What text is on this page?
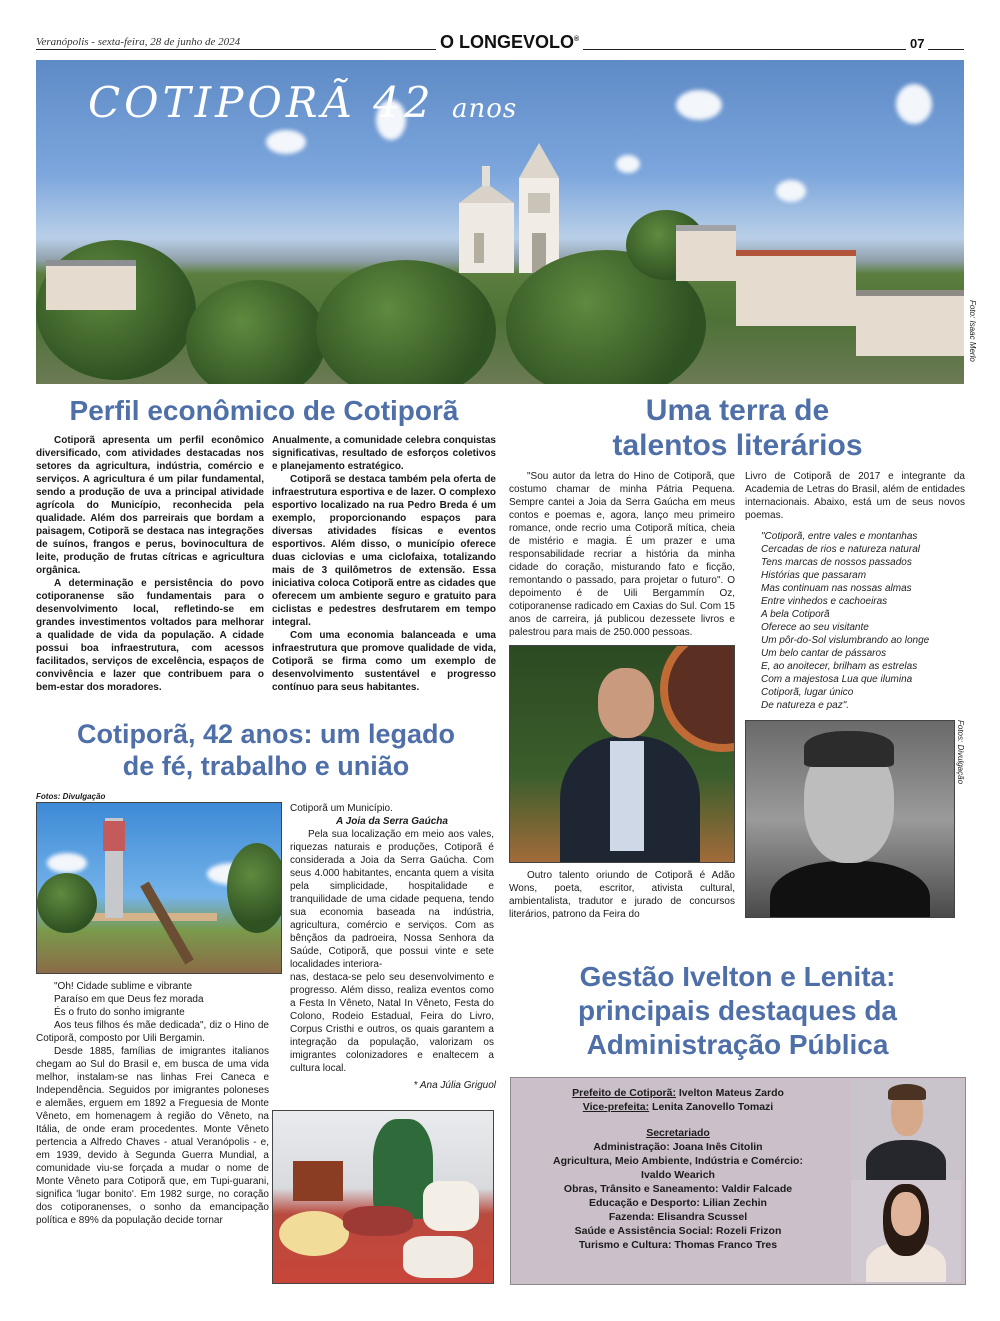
Veranópolis - sexta-feira, 28 de junho de 2024	O LONGEVOLO®	07
COTIPORÃ 42 anos
Foto: Isaac Merlo
Perfil econômico de Cotiporã

Cotiporã apresenta um perfil econômico diversificado, com atividades destacadas nos setores da agricultura, indústria, comércio e serviços. A agricultura é um pilar fundamental, sendo a produção de uva a principal atividade agrícola do Município, reconhecida pela qualidade. Além dos parreirais que bordam a paisagem, Cotiporã se destaca nas integrações de suínos, frangos e perus, bovinocultura de leite, produção de frutas cítricas e agricultura orgânica.

A determinação e persistência do povo cotiporanense são fundamentais para o desenvolvimento local, refletindo-se em grandes investimentos voltados para melhorar a qualidade de vida da população. A cidade possui boa infraestrutura, com acessos facilitados, serviços de excelência, espaços de convivência e lazer que contribuem para o bem-estar dos moradores.

Anualmente, a comunidade celebra conquistas significativas, resultado de esforços coletivos e planejamento estratégico.

Cotiporã se destaca também pela oferta de infraestrutura esportiva e de lazer. O complexo esportivo localizado na rua Pedro Breda é um exemplo, proporcionando espaços para diversas atividades físicas e eventos esportivos. Além disso, o município oferece duas ciclovias e uma ciclofaixa, totalizando mais de 3 quilômetros de extensão. Essa iniciativa coloca Cotiporã entre as cidades que oferecem um ambiente seguro e gratuito para ciclistas e pedestres desfrutarem em tempo integral.

Com uma economia balanceada e uma infraestrutura que promove qualidade de vida, Cotiporã se firma como um exemplo de desenvolvimento sustentável e progresso contínuo para seus habitantes.

Cotiporã, 42 anos: um legado
de fé, trabalho e união
Fotos: Divulgação

"Oh! Cidade sublime e vibrante

Paraíso em que Deus fez morada

És o fruto do sonho imigrante

Aos teus filhos és mãe dedicada", diz o Hino de Cotiporã, composto por Uili Bergamin.

Desde 1885, famílias de imigrantes italianos chegam ao Sul do Brasil e, em busca de uma vida melhor, instalam-se nas linhas Frei Caneca e Independência. Seguidos por imigrantes poloneses e alemães, erguem em 1892 a Freguesia de Monte Vêneto, em homenagem à região do Vêneto, na Itália, de onde eram procedentes. Monte Vêneto pertencia a Alfredo Chaves - atual Veranópolis - e, em 1939, devido à Segunda Guerra Mundial, a comunidade viu-se forçada a mudar o nome de Monte Vêneto para Cotiporã que, em Tupi-guarani, significa 'lugar bonito'. Em 1982 surge, no coração dos cotiporanenses, o sonho da emancipação política e 89% da população decide tornar

Cotiporã um Município.

A Joia da Serra Gaúcha

Pela sua localização em meio aos vales, riquezas naturais e produções, Cotiporã é considerada a Joia da Serra Gaúcha. Com seus 4.000 habitantes, encanta quem a visita pela simplicidade, hospitalidade e tranquilidade de uma cidade pequena, tendo sua economia baseada na indústria, agricultura, comércio e serviços. Com as bênçãos da padroeira, Nossa Senhora da Saúde, Cotiporã, que possui vinte e sete localidades interiora-

nas, destaca-se pelo seu desenvolvimento e progresso. Além disso, realiza eventos como a Festa In Vêneto, Natal In Vêneto, Festa do Colono, Rodeio Estadual, Feira do Livro, Corpus Cristhi e outros, os quais garantem a integração da população, valorizam os imigrantes colonizadores e enaltecem a cultura local.

* Ana Júlia Griguol
Uma terra de
talentos literários

"Sou autor da letra do Hino de Cotiporã, que costumo chamar de minha Pátria Pequena. Sempre cantei a Joia da Serra Gaúcha em meus contos e poemas e, agora, lanço meu primeiro romance, onde recrio uma Cotiporã mítica, cheia de mistério e magia. É um prazer e uma responsabilidade recriar a história da minha cidade do coração, misturando fato e ficção, remontando o passado, para projetar o futuro". O depoimento é de Uili Bergammín Oz, cotiporanense radicado em Caxias do Sul. Com 15 anos de carreira, já publicou dezessete livros e palestrou para mais de 250.000 pessoas.

Outro talento oriundo de Cotiporã é Adão Wons, poeta, escritor, ativista cultural, ambientalista, tradutor e jurado de concursos literários, patrono da Feira do

Livro de Cotiporã de 2017 e integrante da Academia de Letras do Brasil, além de entidades internacionais. Abaixo, está um de seus novos poemas.

"Cotiporã, entre vales e montanhas
Cercadas de rios e natureza natural
Tens marcas de nossos passados
Histórias que passaram
Mas continuam nas nossas almas
Entre vinhedos e cachoeiras
A bela Cotiporã
Oferece ao seu visitante
Um pôr-do-Sol vislumbrando ao longe
Um belo cantar de pássaros
E, ao anoitecer, brilham as estrelas
Com a majestosa Lua que ilumina
Cotiporã, lugar único
De natureza e paz".
Fotos: Divulgação
Gestão Ivelton e Lenita:
principais destaques da
Administração Pública
Prefeito de Cotiporã: Ivelton Mateus Zardo
Vice-prefeita: Lenita Zanovello Tomazi
Secretariado
Administração: Joana Inês Citolin
Agricultura, Meio Ambiente, Indústria e Comércio:
Ivaldo Wearich
Obras, Trânsito e Saneamento: Valdir Falcade
Educação e Desporto: Lilian Zechin
Fazenda: Elisandra Scussel
Saúde e Assistência Social: Rozeli Frizon
Turismo e Cultura: Thomas Franco Tres
